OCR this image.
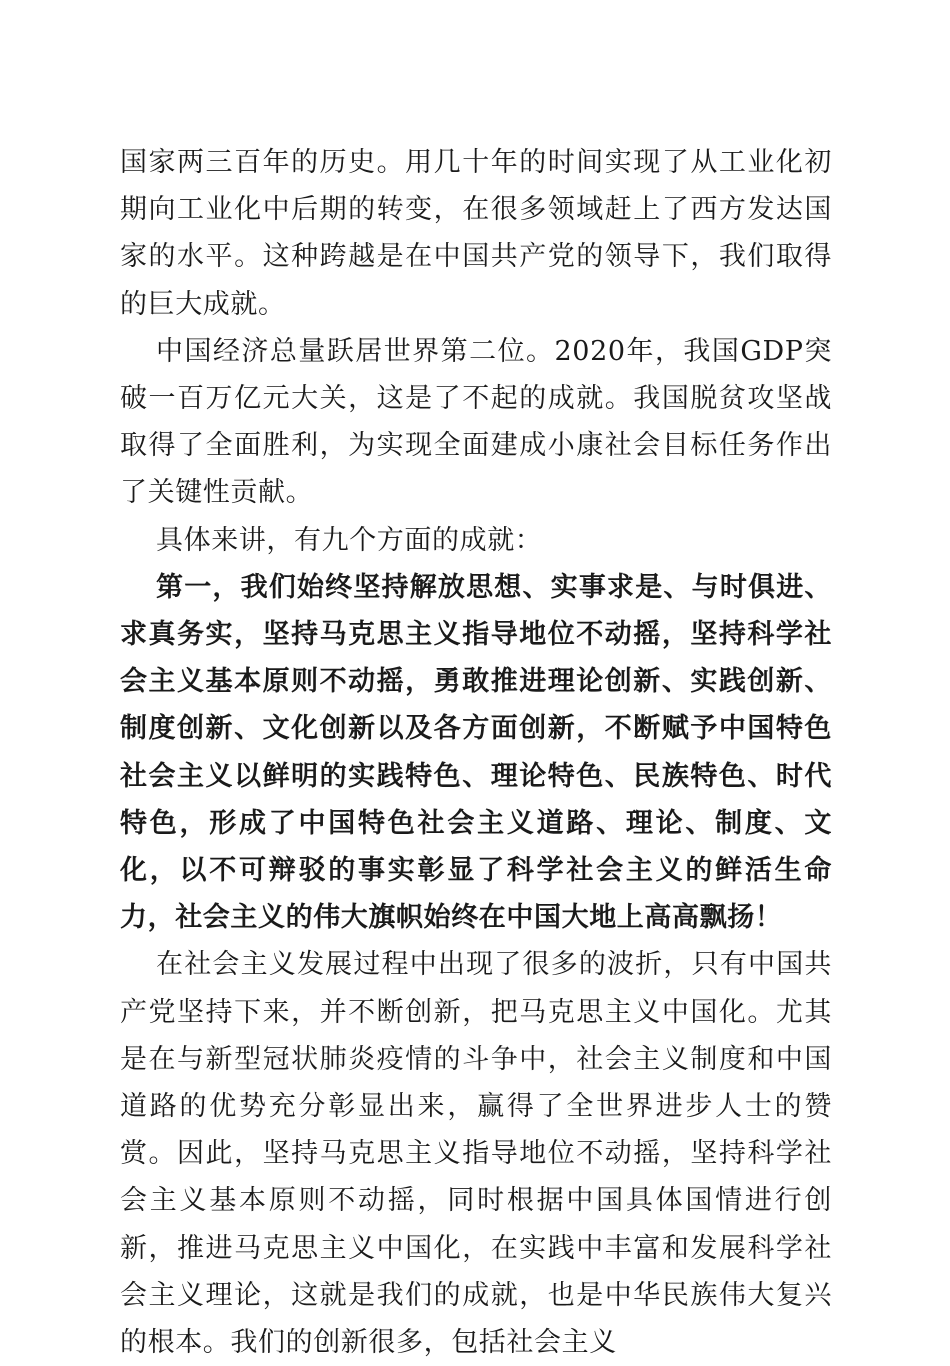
国家两三百年的历史。用几十年的时间实现了从工业化初期向工业化中后期的转变，在很多领域赶上了西方发达国家的水平。这种跨越是在中国共产党的领导下，我们取得的巨大成就。

中国经济总量跃居世界第二位。2020年，我国GDP突破一百万亿元大关，这是了不起的成就。我国脱贫攻坚战取得了全面胜利，为实现全面建成小康社会目标任务作出了关键性贡献。

具体来讲，有九个方面的成就：

第一，我们始终坚持解放思想、实事求是、与时俱进、求真务实，坚持马克思主义指导地位不动摇，坚持科学社会主义基本原则不动摇，勇敢推进理论创新、实践创新、制度创新、文化创新以及各方面创新，不断赋予中国特色社会主义以鲜明的实践特色、理论特色、民族特色、时代特色，形成了中国特色社会主义道路、理论、制度、文化，以不可辩驳的事实彰显了科学社会主义的鲜活生命力，社会主义的伟大旗帜始终在中国大地上高高飘扬！

在社会主义发展过程中出现了很多的波折，只有中国共产党坚持下来，并不断创新，把马克思主义中国化。尤其是在与新型冠状肺炎疫情的斗争中，社会主义制度和中国道路的优势充分彰显出来，赢得了全世界进步人士的赞赏。因此，坚持马克思主义指导地位不动摇，坚持科学社会主义基本原则不动摇，同时根据中国具体国情进行创新，推进马克思主义中国化，在实践中丰富和发展科学社会主义理论，这就是我们的成就，也是中华民族伟大复兴的根本。我们的创新很多，包括社会主义
